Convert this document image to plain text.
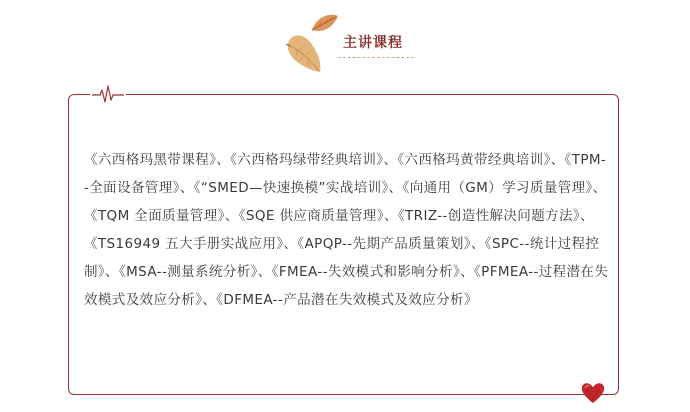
主讲课程
《六西格玛黑带课程》、《六西格玛绿带经典培训》、《六西格玛黄带经典培训》、《TPM--全面设备管理》、《“SMED—快速换模”实战培训》、《向通用（GM）学习质量管理》、《TQM 全面质量管理》、《SQE 供应商质量管理》、《TRIZ--创造性解决问题方法》、《TS16949 五大手册实战应用》、《APQP--先期产品质量策划》、《SPC--统计过程控制》、《MSA--测量系统分析》、《FMEA--失效模式和影响分析》、《PFMEA--过程潜在失效模式及效应分析》、《DFMEA--产品潜在失效模式及效应分析》
